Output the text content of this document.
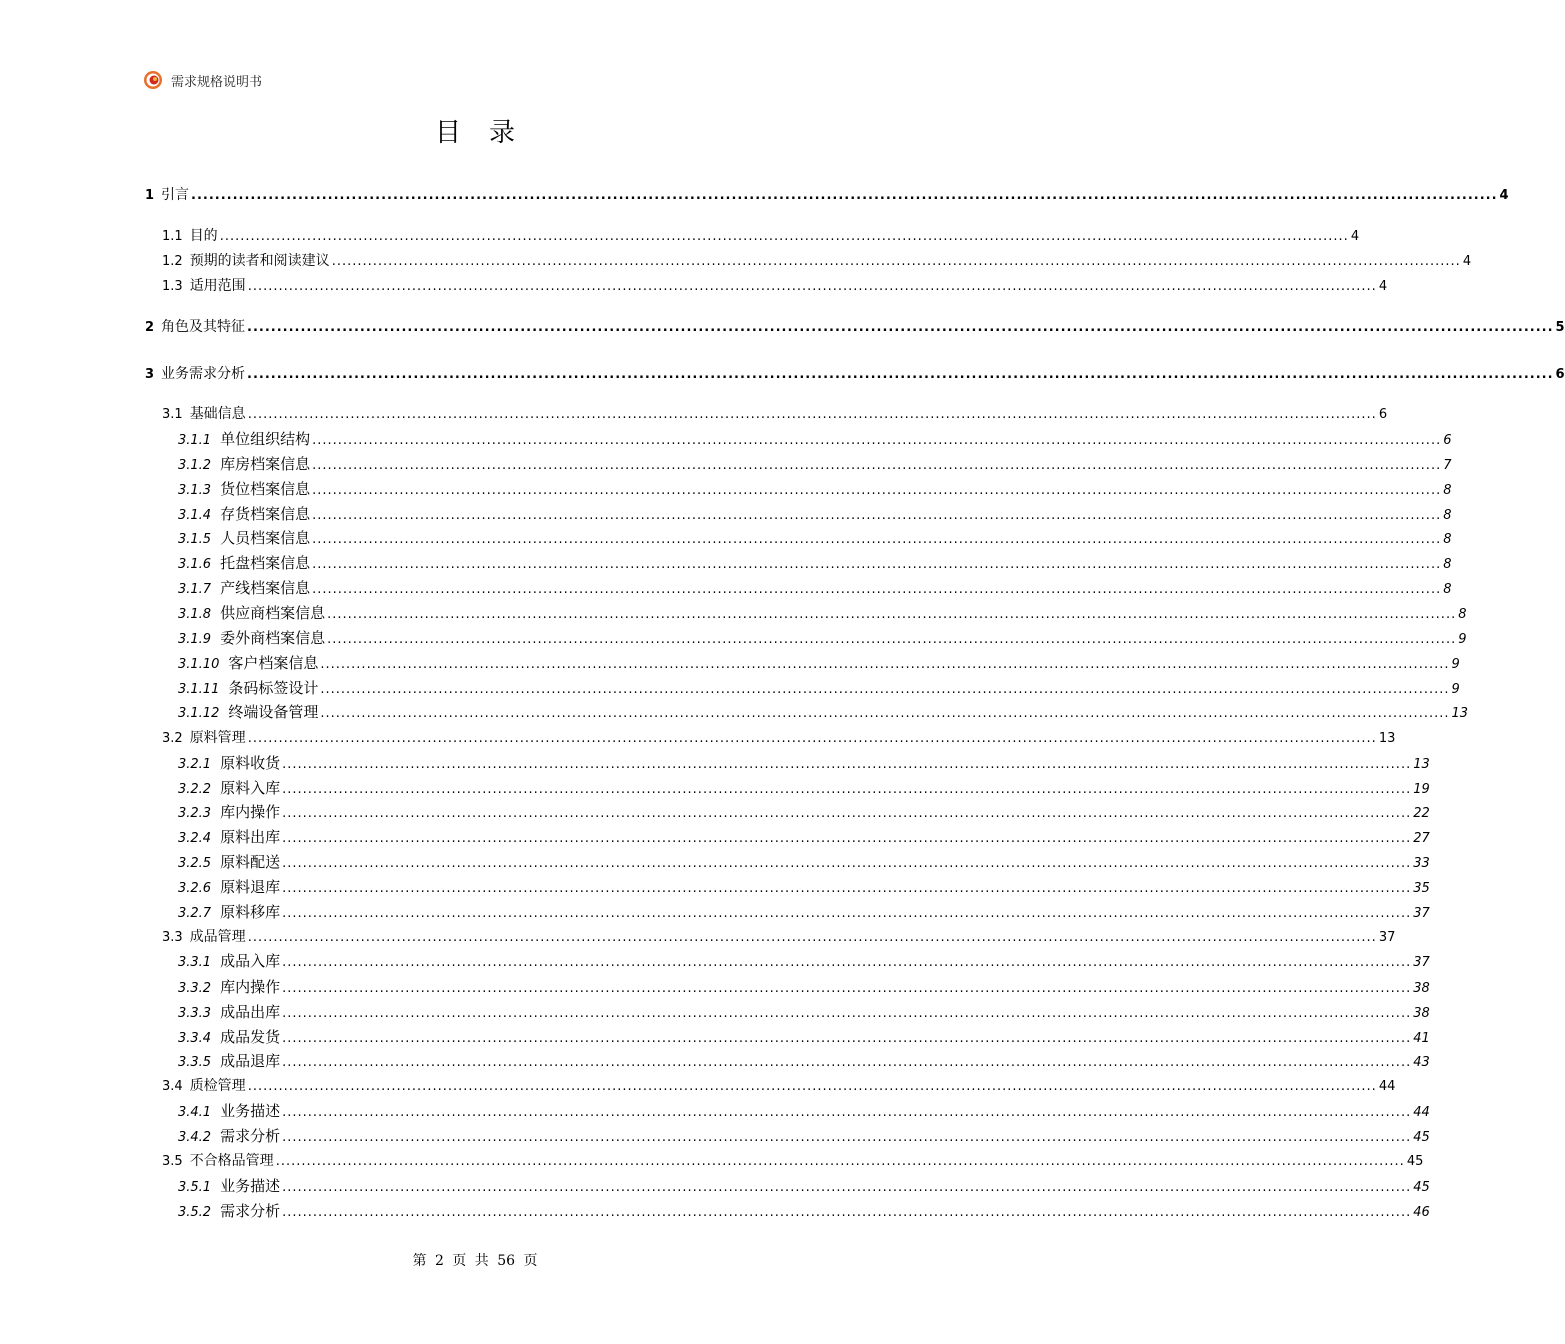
需求规格说明书
目录
1 引言 ............................................................................................................................................................................................................................ 4
1.1 目的 ............................................................................................................................................................................................................................ 4
1.2 预期的读者和阅读建议 ............................................................................................................................................................................................................................ 4
1.3 适用范围 ............................................................................................................................................................................................................................ 4
2 角色及其特征 ............................................................................................................................................................................................................................ 5
3 业务需求分析 ............................................................................................................................................................................................................................ 6
3.1 基础信息 ............................................................................................................................................................................................................................ 6
3.1.1 单位组织结构 ............................................................................................................................................................................................................................ 6
3.1.2 库房档案信息 ............................................................................................................................................................................................................................ 7
3.1.3 货位档案信息 ............................................................................................................................................................................................................................ 8
3.1.4 存货档案信息 ............................................................................................................................................................................................................................ 8
3.1.5 人员档案信息 ............................................................................................................................................................................................................................ 8
3.1.6 托盘档案信息 ............................................................................................................................................................................................................................ 8
3.1.7 产线档案信息 ............................................................................................................................................................................................................................ 8
3.1.8 供应商档案信息 ............................................................................................................................................................................................................................ 8
3.1.9 委外商档案信息 ............................................................................................................................................................................................................................ 9
3.1.10 客户档案信息 ............................................................................................................................................................................................................................ 9
3.1.11 条码标签设计 ............................................................................................................................................................................................................................ 9
3.1.12 终端设备管理 ............................................................................................................................................................................................................................ 13
3.2 原料管理 ............................................................................................................................................................................................................................ 13
3.2.1 原料收货 ............................................................................................................................................................................................................................ 13
3.2.2 原料入库 ............................................................................................................................................................................................................................ 19
3.2.3 库内操作 ............................................................................................................................................................................................................................ 22
3.2.4 原料出库 ............................................................................................................................................................................................................................ 27
3.2.5 原料配送 ............................................................................................................................................................................................................................ 33
3.2.6 原料退库 ............................................................................................................................................................................................................................ 35
3.2.7 原料移库 ............................................................................................................................................................................................................................ 37
3.3 成品管理 ............................................................................................................................................................................................................................ 37
3.3.1 成品入库 ............................................................................................................................................................................................................................ 37
3.3.2 库内操作 ............................................................................................................................................................................................................................ 38
3.3.3 成品出库 ............................................................................................................................................................................................................................ 38
3.3.4 成品发货 ............................................................................................................................................................................................................................ 41
3.3.5 成品退库 ............................................................................................................................................................................................................................ 43
3.4 质检管理 ............................................................................................................................................................................................................................ 44
3.4.1 业务描述 ............................................................................................................................................................................................................................ 44
3.4.2 需求分析 ............................................................................................................................................................................................................................ 45
3.5 不合格品管理 ............................................................................................................................................................................................................................ 45
3.5.1 业务描述 ............................................................................................................................................................................................................................ 45
3.5.2 需求分析 ............................................................................................................................................................................................................................ 46
第 2 页 共 56 页
